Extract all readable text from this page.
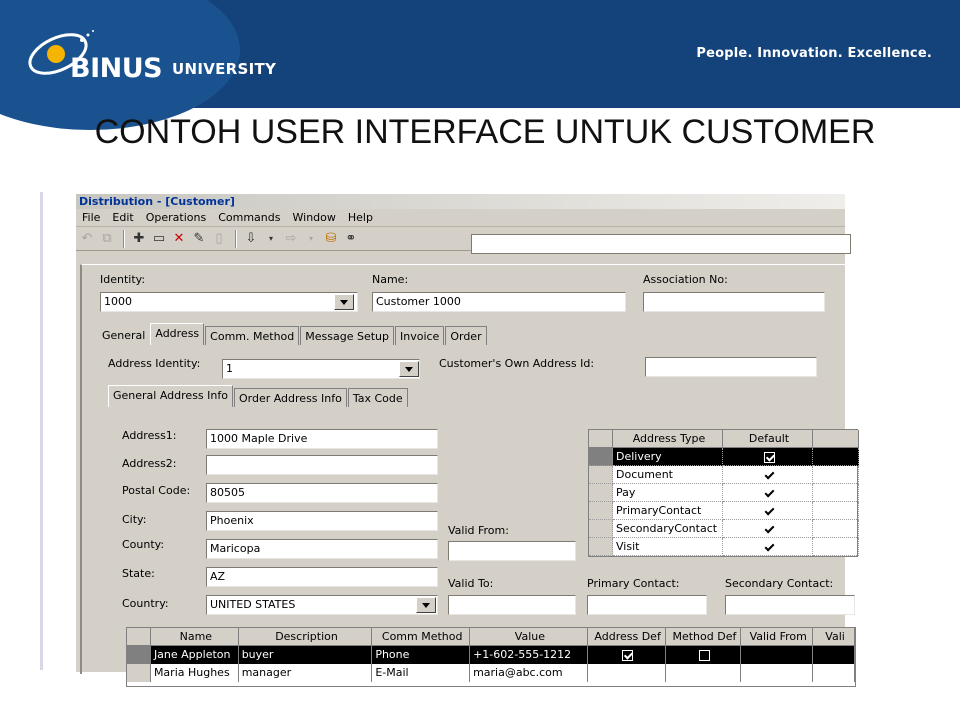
BINUS UNIVERSITY
People. Innovation. Excellence.
CONTOH USER INTERFACE UNTUK CUSTOMER
Distribution - [Customer]
File	Edit	Operations	Commands	Window	Help
↶ ⧉	✚ ▭ ✕ ✎ ▯	⇩	▾ ⇨	▾ ⛁ ⚭
Identity:
1000
Name:
Customer 1000
Association No:
General Address	Comm. Method	Message Setup	Invoice	Order
Address Identity:	1	Customer's Own Address Id:
General Address Info	Order Address Info	Tax Code
Address1:	1000 Maple Drive
Address2:
Postal Code:	80505
City:	Phoenix
County:	Maricopa
State:	AZ
Country:	UNITED STATES
Valid From:
Valid To:	Primary Contact:	Secondary Contact:
Address Type	Default
Delivery
Document
Pay
PrimaryContact
SecondaryContact
Visit
Name	Description	Comm Method	Value	Address Def	Method Def	Valid From	Vali
Jane Appleton	buyer	Phone	+1-602-555-1212
Maria Hughes	manager	E-Mail	maria@abc.com
